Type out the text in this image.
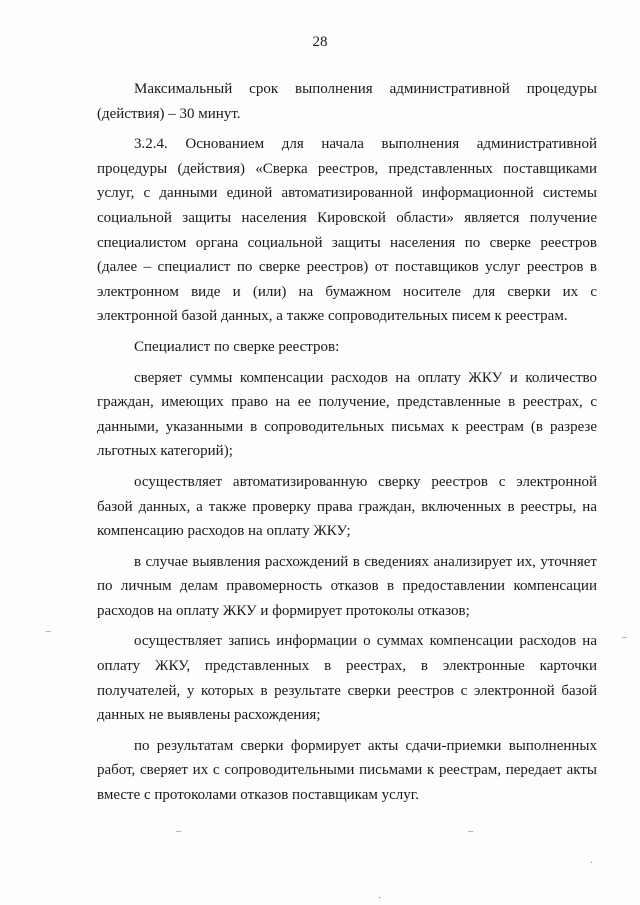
28

Максимальный срок выполнения административной процедуры (действия) – 30 минут.

3.2.4. Основанием для начала выполнения административной процедуры (действия) «Сверка реестров, представленных поставщиками услуг, с данными единой автоматизированной информационной системы социальной защиты населения Кировской области» является получение специалистом органа социальной защиты населения по сверке реестров (далее – специалист по сверке реестров) от поставщиков услуг реестров в электронном виде и (или) на бумажном носителе для сверки их с электронной базой данных, а также сопроводительных писем к реестрам.

Специалист по сверке реестров:

сверяет суммы компенсации расходов на оплату ЖКУ и количество граждан, имеющих право на ее получение, представленные в реестрах, с данными, указанными в сопроводительных письмах к реестрам (в разрезе льготных категорий);

осуществляет автоматизированную сверку реестров с электронной базой данных, а также проверку права граждан, включенных в реестры, на компенсацию расходов на оплату ЖКУ;

в случае выявления расхождений в сведениях анализирует их, уточняет по личным делам правомерность отказов в предоставлении компенсации расходов на оплату ЖКУ и формирует протоколы отказов;

осуществляет запись информации о суммах компенсации расходов на оплату ЖКУ, представленных в реестрах, в электронные карточки получателей, у которых в результате сверки реестров с электронной базой данных не выявлены расхождения;

по результатам сверки формирует акты сдачи-приемки выполненных работ, сверяет их с сопроводительными письмами к реестрам, передает акты вместе с протоколами отказов поставщикам услуг.

–
–
–	–
·
·
